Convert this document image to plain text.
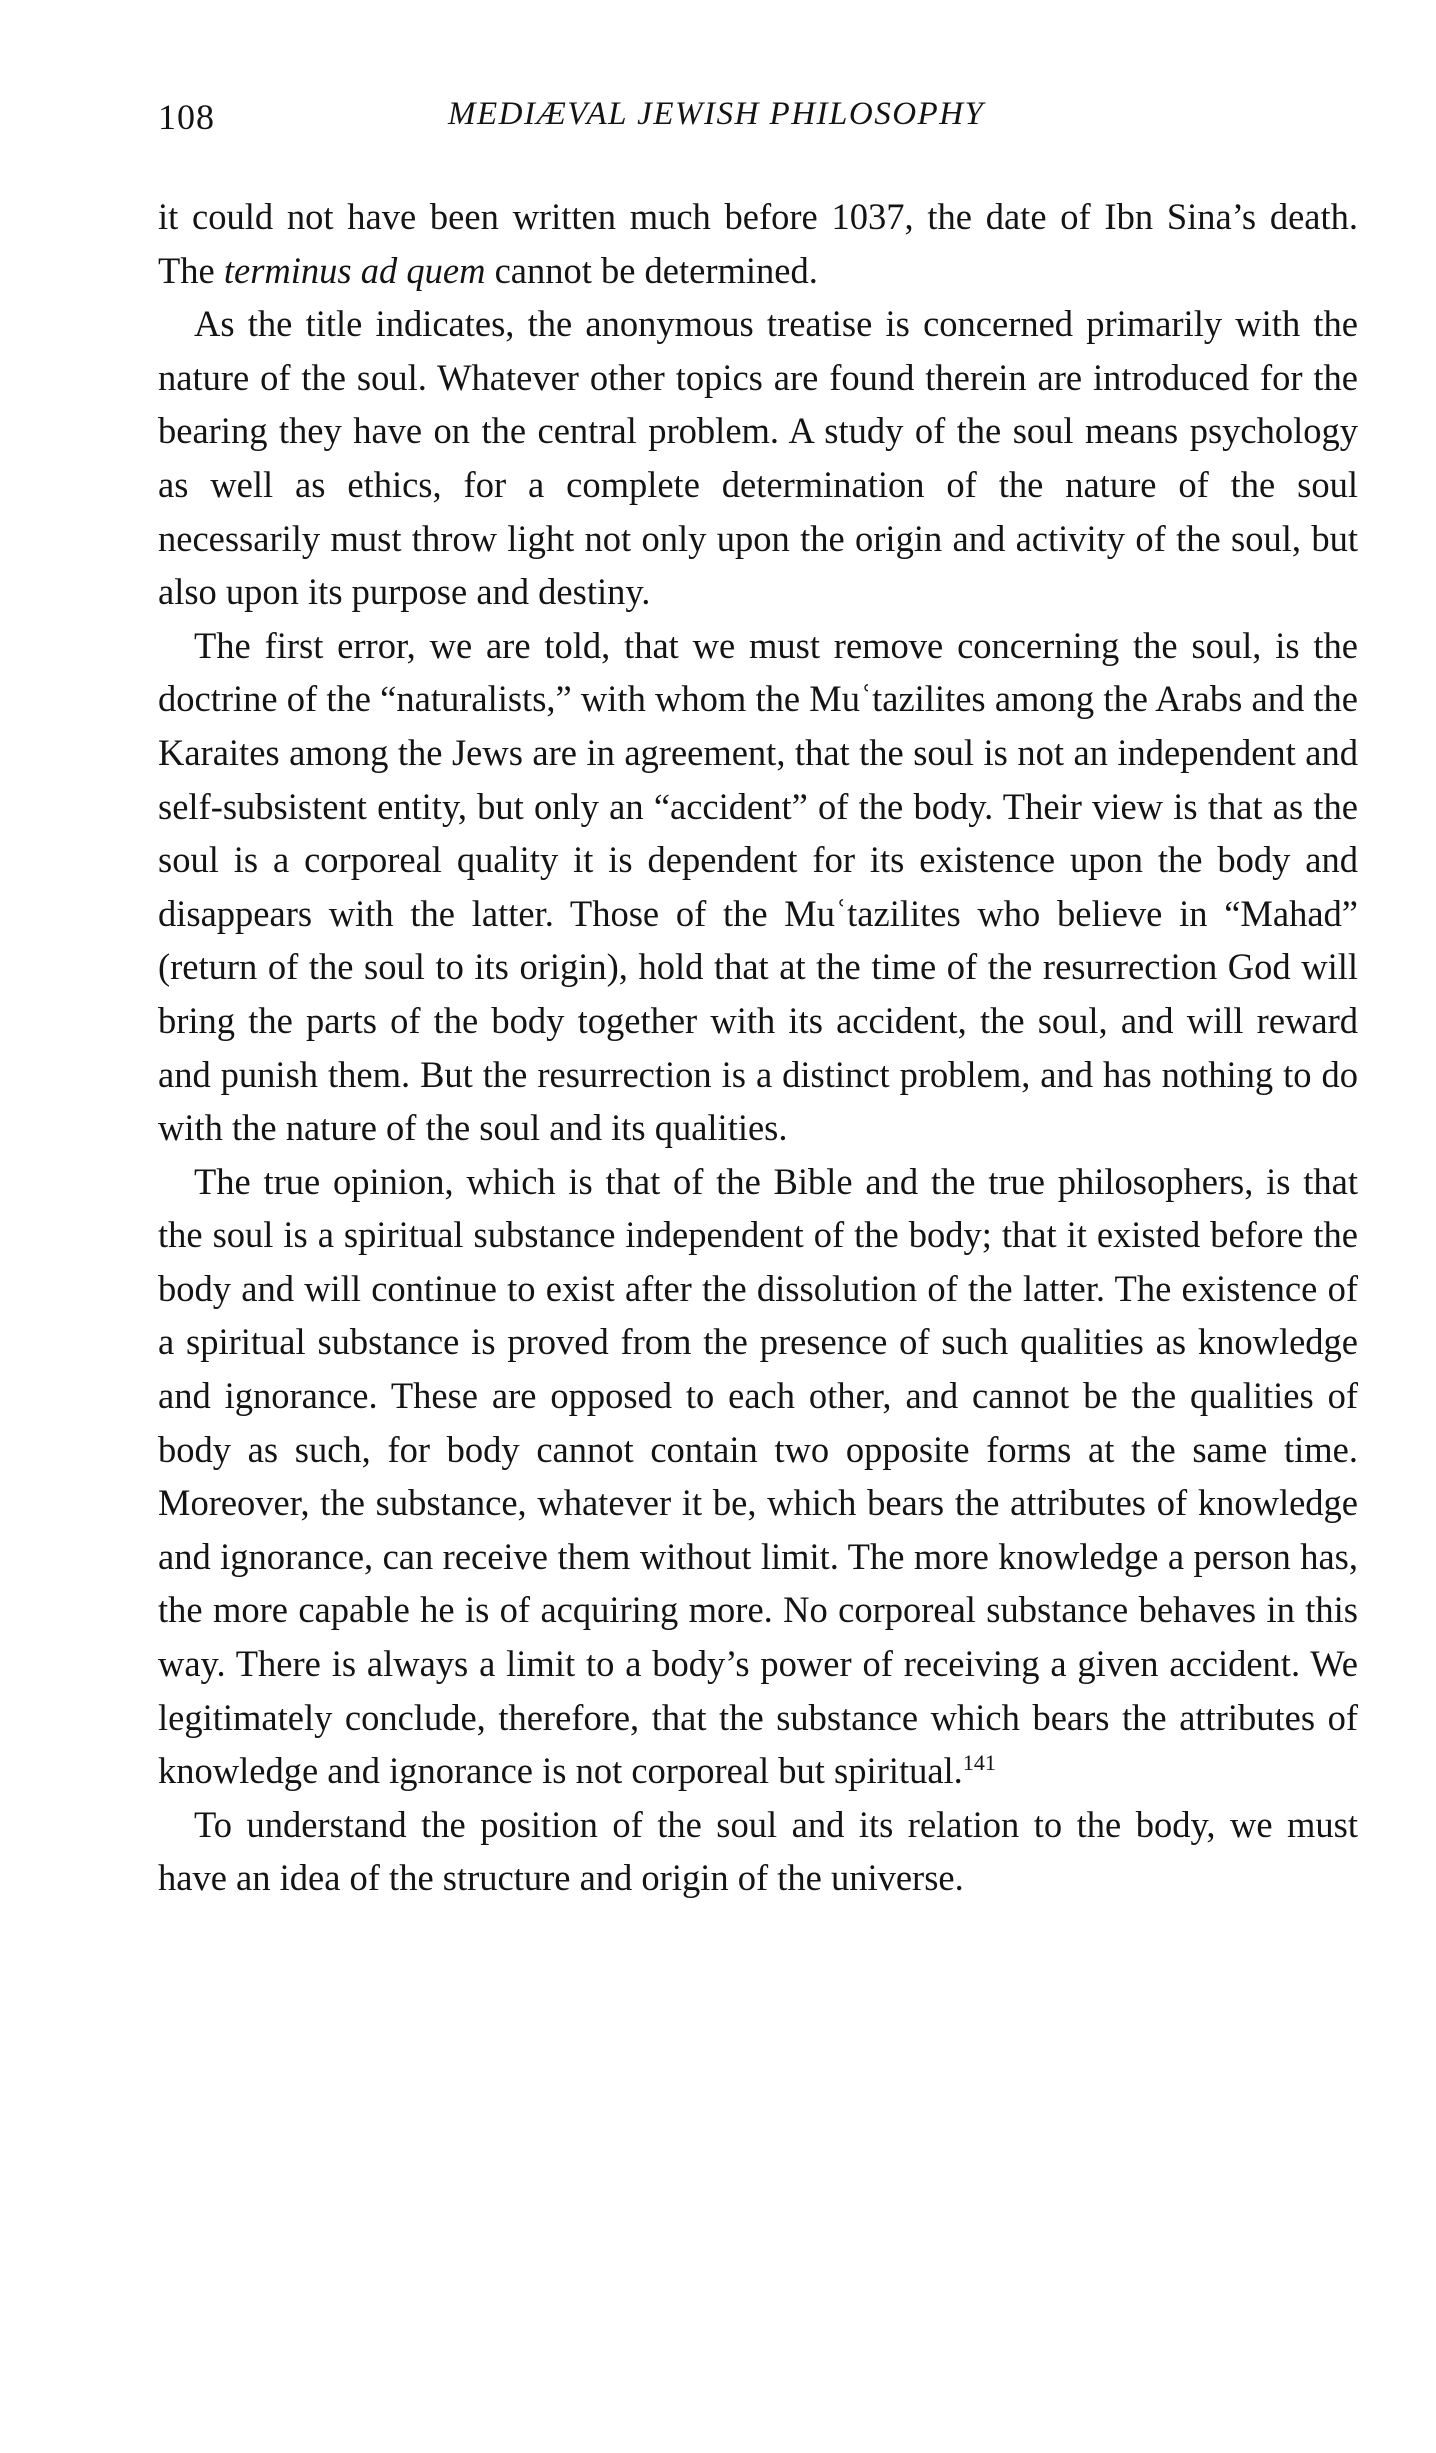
108	MEDIÆVAL JEWISH PHILOSOPHY

it could not have been written much before 1037, the date of Ibn Sina’s death. The terminus ad quem cannot be determined.

As the title indicates, the anonymous treatise is concerned primarily with the nature of the soul. Whatever other topics are found therein are introduced for the bearing they have on the central problem. A study of the soul means psychology as well as ethics, for a complete determination of the nature of the soul necessarily must throw light not only upon the origin and activity of the soul, but also upon its purpose and destiny.

The first error, we are told, that we must remove concerning the soul, is the doctrine of the “naturalists,” with whom the Muʿtazilites among the Arabs and the Karaites among the Jews are in agreement, that the soul is not an independent and self-subsistent entity, but only an “accident” of the body. Their view is that as the soul is a corporeal quality it is dependent for its existence upon the body and disappears with the latter. Those of the Muʿtazilites who believe in “Mahad” (return of the soul to its origin), hold that at the time of the resurrection God will bring the parts of the body together with its accident, the soul, and will reward and punish them. But the resurrection is a distinct problem, and has nothing to do with the nature of the soul and its qualities.

The true opinion, which is that of the Bible and the true philosophers, is that the soul is a spiritual substance independent of the body; that it existed before the body and will continue to exist after the dissolution of the latter. The existence of a spiritual substance is proved from the presence of such qualities as knowledge and ignorance. These are opposed to each other, and cannot be the qualities of body as such, for body cannot contain two opposite forms at the same time. Moreover, the substance, whatever it be, which bears the attributes of knowledge and ignorance, can receive them without limit. The more knowledge a person has, the more capable he is of acquiring more. No corporeal substance behaves in this way. There is always a limit to a body’s power of receiving a given accident. We legitimately conclude, therefore, that the substance which bears the attributes of knowledge and ignorance is not corporeal but spiritual.$^{141}$

To understand the position of the soul and its relation to the body, we must have an idea of the structure and origin of the universe.
